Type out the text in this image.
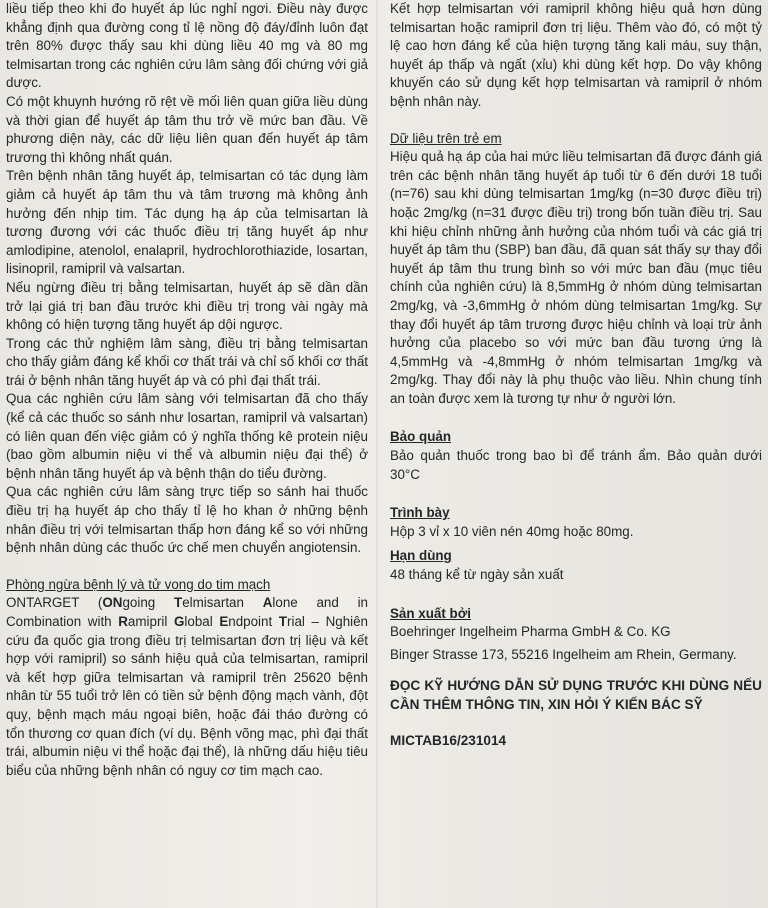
liều tiếp theo khi đo huyết áp lúc nghỉ ngơi. Điều này được khẳng định qua đường cong tỉ lệ nồng độ đáy/đỉnh luôn đạt trên 80% được thấy sau khi dùng liều 40 mg và 80 mg telmisartan trong các nghiên cứu lâm sàng đối chứng với giả dược.

Có một khuynh hướng rõ rệt về mối liên quan giữa liều dùng và thời gian để huyết áp tâm thu trở về mức ban đầu. Về phương diện này, các dữ liệu liên quan đến huyết áp tâm trương thì không nhất quán.

Trên bệnh nhân tăng huyết áp, telmisartan có tác dụng làm giảm cả huyết áp tâm thu và tâm trương mà không ảnh hưởng đến nhịp tim. Tác dụng hạ áp của telmisartan là tương đương với các thuốc điều trị tăng huyết áp như amlodipine, atenolol, enalapril, hydrochlorothiazide, losartan, lisinopril, ramipril và valsartan.

Nếu ngừng điều trị bằng telmisartan, huyết áp sẽ dần dần trở lại giá trị ban đầu trước khi điều trị trong vài ngày mà không có hiện tượng tăng huyết áp dội ngược.

Trong các thử nghiệm lâm sàng, điều trị bằng telmisartan cho thấy giảm đáng kể khối cơ thất trái và chỉ số khối cơ thất trái ở bệnh nhân tăng huyết áp và có phì đại thất trái.

Qua các nghiên cứu lâm sàng với telmisartan đã cho thấy (kể cả các thuốc so sánh như losartan, ramipril và valsartan) có liên quan đến việc giảm có ý nghĩa thống kê protein niệu (bao gồm albumin niệu vi thể và albumin niệu đại thể) ở bệnh nhân tăng huyết áp và bệnh thận do tiểu đường.

Qua các nghiên cứu lâm sàng trực tiếp so sánh hai thuốc điều trị hạ huyết áp cho thấy tỉ lệ ho khan ở những bệnh nhân điều trị với telmisartan thấp hơn đáng kể so với những bệnh nhân dùng các thuốc ức chế men chuyển angiotensin.

Phòng ngừa bệnh lý và tử vong do tim mạch

ONTARGET (ONgoing Telmisartan Alone and in Combination with Ramipril Global Endpoint Trial – Nghiên cứu đa quốc gia trong điều trị telmisartan đơn trị liệu và kết hợp với ramipril) so sánh hiệu quả của telmisartan, ramipril và kết hợp giữa telmisartan và ramipril trên 25620 bệnh nhân từ 55 tuổi trở lên có tiền sử bệnh động mạch vành, đột quỵ, bệnh mạch máu ngoại biên, hoặc đái tháo đường có tổn thương cơ quan đích (ví dụ. Bệnh võng mạc, phì đại thất trái, albumin niệu vi thể hoặc đại thể), là những dấu hiệu tiêu biểu của những bệnh nhân có nguy cơ tim mạch cao.

Kết hợp telmisartan với ramipril không hiệu quả hơn dùng telmisartan hoặc ramipril đơn trị liệu. Thêm vào đó, có một tỷ lệ cao hơn đáng kể của hiện tượng tăng kali máu, suy thận, huyết áp thấp và ngất (xỉu) khi dùng kết hợp. Do vậy không khuyến cáo sử dụng kết hợp telmisartan và ramipril ở nhóm bệnh nhân này.

Dữ liệu trên trẻ em

Hiệu quả hạ áp của hai mức liều telmisartan đã được đánh giá trên các bệnh nhân tăng huyết áp tuổi từ 6 đến dưới 18 tuổi (n=76) sau khi dùng telmisartan 1mg/kg (n=30 được điều trị) hoặc 2mg/kg (n=31 được điều trị) trong bốn tuần điều trị. Sau khi hiệu chỉnh những ảnh hưởng của nhóm tuổi và các giá trị huyết áp tâm thu (SBP) ban đầu, đã quan sát thấy sự thay đổi huyết áp tâm thu trung bình so với mức ban đầu (mục tiêu chính của nghiên cứu) là 8,5mmHg ở nhóm dùng telmisartan 2mg/kg, và -3,6mmHg ở nhóm dùng telmisartan 1mg/kg. Sự thay đổi huyết áp tâm trương được hiệu chỉnh và loại trừ ảnh hưởng của placebo so với mức ban đầu tương ứng là 4,5mmHg và -4,8mmHg ở nhóm telmisartan 1mg/kg và 2mg/kg. Thay đổi này là phụ thuộc vào liều. Nhìn chung tính an toàn được xem là tương tự như ở người lớn.

Bảo quản

Bảo quản thuốc trong bao bì để tránh ẩm. Bảo quản dưới 30°C

Trình bày

Hộp 3 vỉ x 10 viên nén 40mg hoặc 80mg.

Hạn dùng

48 tháng kể từ ngày sản xuất

Sản xuất bởi

Boehringer Ingelheim Pharma GmbH & Co. KG

Binger Strasse 173, 55216 Ingelheim am Rhein, Germany.

ĐỌC KỸ HƯỚNG DẪN SỬ DỤNG TRƯỚC KHI DÙNG NẾU CẦN THÊM THÔNG TIN, XIN HỎI Ý KIẾN BÁC SỸ

MICTAB16/231014
